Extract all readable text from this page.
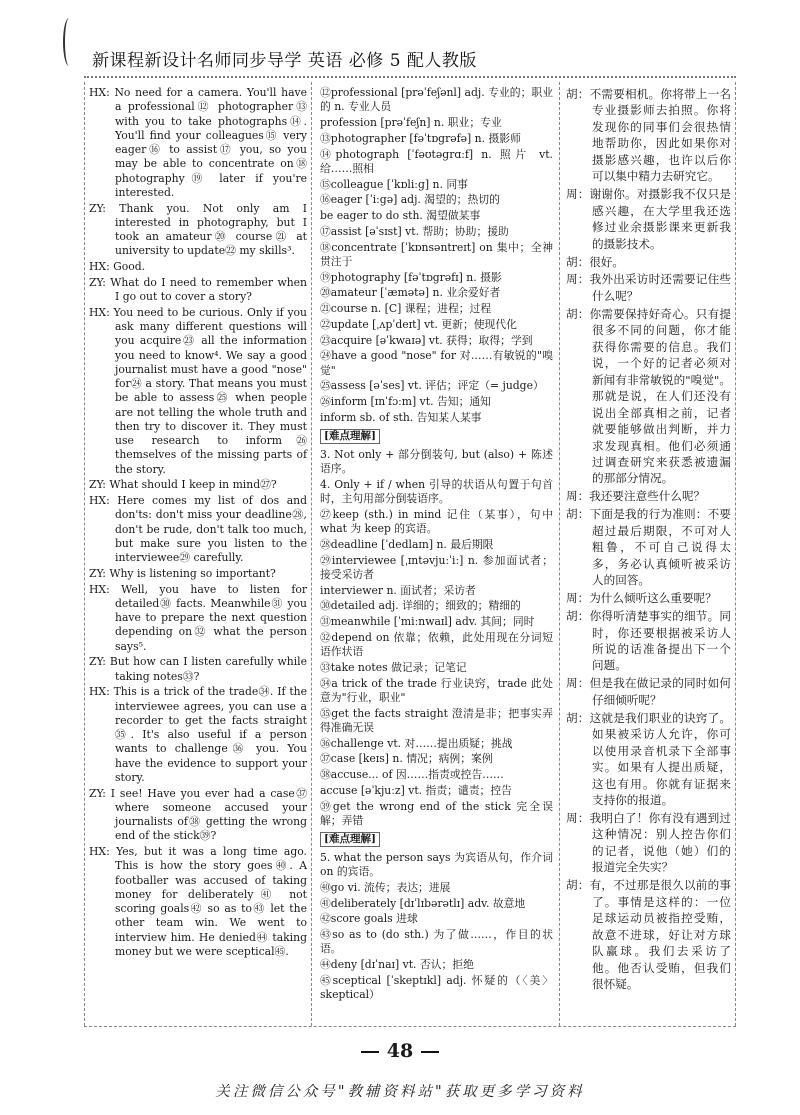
新课程新设计名师同步导学 英语 必修 5 配人教版

HX: No need for a camera. You'll have a professional⑫ photographer⑬ with you to take photographs⑭. You'll find your colleagues⑮ very eager⑯ to assist⑰ you, so you may be able to concentrate on⑱ photography⑲ later if you're interested.

ZY: Thank you. Not only am I interested in photography, but I took an amateur⑳ course㉑ at university to update㉒ my skills³.

HX: Good.

ZY: What do I need to remember when I go out to cover a story?

HX: You need to be curious. Only if you ask many different questions will you acquire㉓ all the information you need to know⁴. We say a good journalist must have a good "nose" for㉔ a story. That means you must be able to assess㉕ when people are not telling the whole truth and then try to discover it. They must use research to inform㉖ themselves of the missing parts of the story.

ZY: What should I keep in mind㉗?

HX: Here comes my list of dos and don'ts: don't miss your deadline㉘, don't be rude, don't talk too much, but make sure you listen to the interviewee㉙ carefully.

ZY: Why is listening so important?

HX: Well, you have to listen for detailed㉚ facts. Meanwhile㉛ you have to prepare the next question depending on㉜ what the person says⁵.

ZY: But how can I listen carefully while taking notes㉝?

HX: This is a trick of the trade㉞. If the interviewee agrees, you can use a recorder to get the facts straight㉟. It's also useful if a person wants to challenge㊱ you. You have the evidence to support your story.

ZY: I see! Have you ever had a case㊲ where someone accused your journalists of㊳ getting the wrong end of the stick㊴?

HX: Yes, but it was a long time ago. This is how the story goes㊵. A footballer was accused of taking money for deliberately㊶ not scoring goals㊷ so as to㊸ let the other team win. We went to interview him. He denied㊹ taking money but we were sceptical㊺.

⑫professional [prəˈfeʃənl] adj. 专业的；职业的 n. 专业人员

profession [prəˈfeʃn] n. 职业；专业

⑬photographer [fəˈtɒgrəfə] n. 摄影师

⑭photograph [ˈfəʊtəgrɑːf] n. 照片 vt. 给……照相

⑮colleague [ˈkɒliːg] n. 同事

⑯eager [ˈiːgə] adj. 渴望的；热切的

be eager to do sth. 渴望做某事

⑰assist [əˈsɪst] vt. 帮助；协助；援助

⑱concentrate [ˈkɒnsəntreɪt] on 集中；全神贯注于

⑲photography [fəˈtɒgrəfɪ] n. 摄影

⑳amateur [ˈæmətə] n. 业余爱好者

㉑course n. [C] 课程；进程；过程

㉒update [ˌʌpˈdeɪt] vt. 更新；使现代化

㉓acquire [əˈkwaɪə] vt. 获得；取得；学到

㉔have a good "nose" for 对……有敏锐的"嗅觉"

㉕assess [əˈses] vt. 评估；评定（= judge）

㉖inform [ɪnˈfɔːm] vt. 告知；通知

inform sb. of sth. 告知某人某事

[难点理解]

3. Not only + 部分倒装句, but (also) + 陈述语序。

4. Only + if / when 引导的状语从句置于句首时，主句用部分倒装语序。

㉗keep (sth.) in mind 记住（某事），句中 what 为 keep 的宾语。

㉘deadline [ˈdedlaɪn] n. 最后期限

㉙interviewee [ˌɪntəvjuːˈiː] n. 参加面试者；接受采访者

interviewer n. 面试者；采访者

㉚detailed adj. 详细的；细致的；精细的

㉛meanwhile [ˈmiːnwaɪl] adv. 其间；同时

㉜depend on 依靠；依赖，此处用现在分词短语作状语

㉝take notes 做记录；记笔记

㉞a trick of the trade 行业诀窍，trade 此处意为"行业，职业"

㉟get the facts straight 澄清是非；把事实弄得准确无误

㊱challenge vt. 对……提出质疑；挑战

㊲case [keɪs] n. 情况；病例；案例

㊳accuse... of 因……指责或控告……

accuse [əˈkjuːz] vt. 指责；谴责；控告

㊴get the wrong end of the stick 完全误解；弄错

[难点理解]

5. what the person says 为宾语从句，作介词 on 的宾语。

㊵go vi. 流传；表达；进展

㊶deliberately [dɪˈlɪbərətlɪ] adv. 故意地

㊷score goals 进球

㊸so as to (do sth.) 为了做……，作目的状语。

㊹deny [dɪˈnaɪ] vt. 否认；拒绝

㊺sceptical [ˈskeptɪkl] adj. 怀疑的（〈美〉skeptical）

胡：不需要相机。你将带上一名专业摄影师去拍照。你将发现你的同事们会很热情地帮助你，因此如果你对摄影感兴趣，也许以后你可以集中精力去研究它。

周：谢谢你。对摄影我不仅只是感兴趣，在大学里我还选修过业余摄影课来更新我的摄影技术。

胡：很好。

周：我外出采访时还需要记住些什么呢？

胡：你需要保持好奇心。只有提很多不同的问题，你才能获得你需要的信息。我们说，一个好的记者必须对新闻有非常敏锐的"嗅觉"。那就是说，在人们还没有说出全部真相之前，记者就要能够做出判断，并力求发现真相。他们必须通过调查研究来获悉被遗漏的那部分情况。

周：我还要注意些什么呢？

胡：下面是我的行为准则：不要超过最后期限，不可对人粗鲁，不可自己说得太多，务必认真倾听被采访人的回答。

周：为什么倾听这么重要呢？

胡：你得听清楚事实的细节。同时，你还要根据被采访人所说的话准备提出下一个问题。

周：但是我在做记录的同时如何仔细倾听呢？

胡：这就是我们职业的诀窍了。如果被采访人允许，你可以使用录音机录下全部事实。如果有人提出质疑，这也有用。你就有证据来支持你的报道。

周：我明白了！你有没有遇到过这种情况：别人控告你们的记者，说他（她）们的报道完全失实？

胡：有，不过那是很久以前的事了。事情是这样的：一位足球运动员被指控受贿，故意不进球，好让对方球队赢球。我们去采访了他。他否认受贿，但我们很怀疑。

48
关注微信公众号"教辅资料站"获取更多学习资料
